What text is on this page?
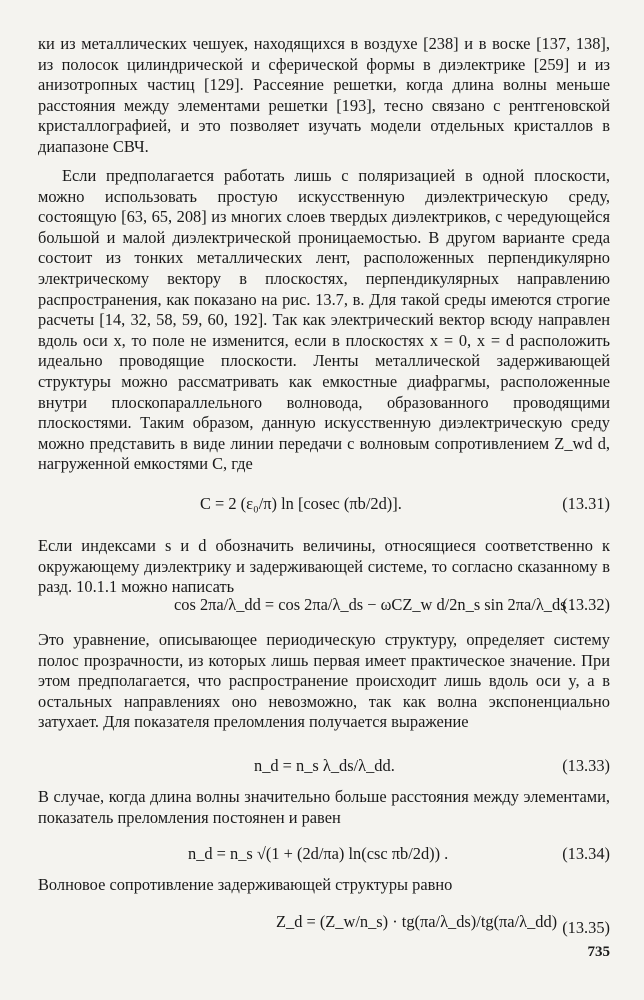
ки из металлических чешуек, находящихся в воздухе [238] и в воске [137, 138], из полосок цилиндрической и сферической формы в диэлектрике [259] и из анизотропных частиц [129]. Рассеяние решетки, когда длина волны меньше расстояния между элементами решетки [193], тесно связано с рентгеновской кристаллографией, и это позволяет изучать модели отдельных кристаллов в диапазоне СВЧ.

Если предполагается работать лишь с поляризацией в одной плоскости, можно использовать простую искусственную диэлектрическую среду, состоящую [63, 65, 208] из многих слоев твердых диэлектриков, с чередующейся большой и малой диэлектрической проницаемостью. В другом варианте среда состоит из тонких металлических лент, расположенных перпендикулярно электрическому вектору в плоскостях, перпендикулярных направлению распространения, как показано на рис. 13.7, в. Для такой среды имеются строгие расчеты [14, 32, 58, 59, 60, 192]. Так как электрический вектор всюду направлен вдоль оси x, то поле не изменится, если в плоскостях x = 0, x = d расположить идеально проводящие плоскости. Ленты металлической задерживающей структуры можно рассматривать как емкостные диафрагмы, расположенные внутри плоскопараллельного волновода, образованного проводящими плоскостями. Таким образом, данную искусственную диэлектрическую среду можно представить в виде линии передачи с волновым сопротивлением Z_wd d, нагруженной емкостями C, где

C = 2 (ε₀/π) ln [cosec (πb/2d)].	(13.31)

Если индексами s и d обозначить величины, относящиеся соответственно к окружающему диэлектрику и задерживающей системе, то согласно сказанному в разд. 10.1.1 можно написать

cos 2πa/λ_dd = cos 2πa/λ_ds − ωCZ_w d/2n_s sin 2πa/λ_ds .
(13.32)

Это уравнение, описывающее периодическую структуру, определяет систему полос прозрачности, из которых лишь первая имеет практическое значение. При этом предполагается, что распространение происходит лишь вдоль оси y, а в остальных направлениях оно невозможно, так как волна экспоненциально затухает. Для показателя преломления получается выражение

n_d = n_s λ_ds/λ_dd.	(13.33)

В случае, когда длина волны значительно больше расстояния между элементами, показатель преломления постоянен и равен

n_d = n_s √(1 + (2d/πa) ln(csc πb/2d)) .	(13.34)

Волновое сопротивление задерживающей структуры равно

Z_d = (Z_w/n_s) · tg(πa/λ_ds)/tg(πa/λ_dd) (13.35)
735
